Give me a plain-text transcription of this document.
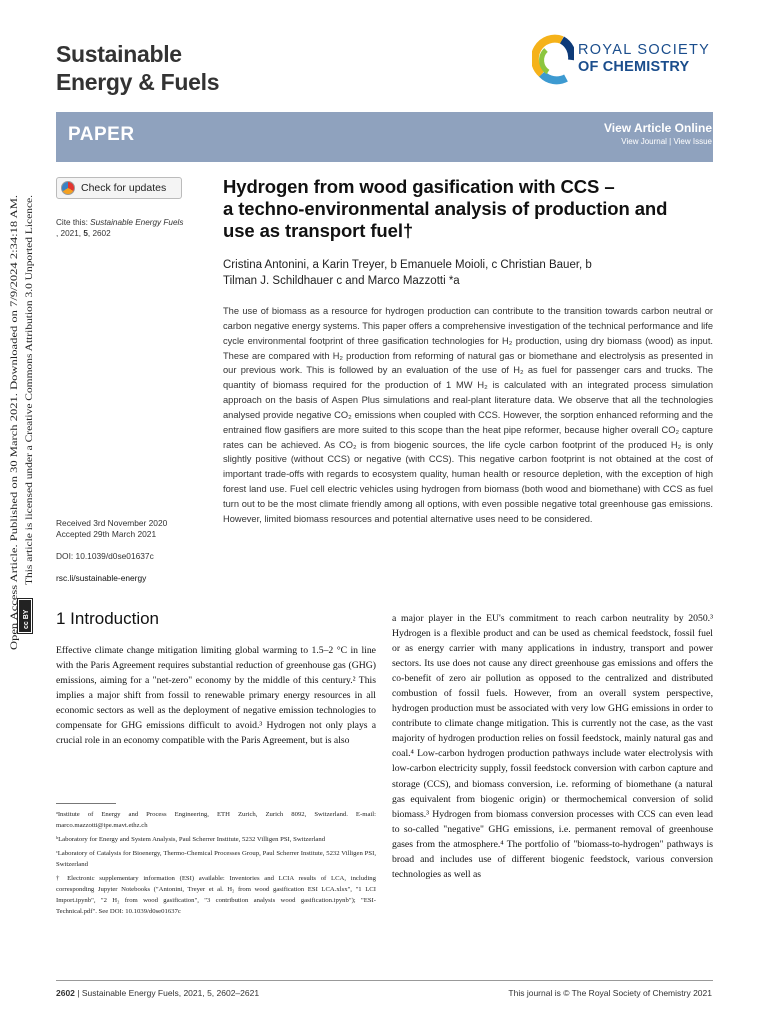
Sustainable
Energy & Fuels
ROYAL SOCIETY
OF CHEMISTRY
PAPER	View Article Online
View Journal | View Issue
Open Access Article. Published on 30 March 2021. Downloaded on 7/9/2024 2:34:18 AM. This article is licensed under a Creative Commons Attribution 3.0 Unported Licence.
cc BY
Check for updates
Cite this: Sustainable Energy Fuels
, 2021, 5, 2602
Hydrogen from wood gasification with CCS –
a techno-environmental analysis of production and
use as transport fuel†
Cristina Antonini, a Karin Treyer, b Emanuele Moioli, c Christian Bauer, b
Tilman J. Schildhauer c and Marco Mazzotti *a
The use of biomass as a resource for hydrogen production can contribute to the transition towards carbon neutral or carbon negative energy systems. This paper offers a comprehensive investigation of the technical performance and life cycle environmental footprint of three gasification technologies for H₂ production, using dry biomass (wood) as input. These are compared with H₂ production from reforming of natural gas or biomethane and electrolysis as presented in our previous work. This is followed by an evaluation of the use of H₂ as fuel for passenger cars and trucks. The quantity of biomass required for the production of 1 MW H₂ is calculated with an integrated process simulation approach on the basis of Aspen Plus simulations and real-plant literature data. We observe that all the technologies analysed provide negative CO₂ emissions when coupled with CCS. However, the sorption enhanced reforming and the entrained flow gasifiers are more suited to this scope than the heat pipe reformer, because higher overall CO₂ capture rates can be achieved. As CO₂ is from biogenic sources, the life cycle carbon footprint of the produced H₂ is only slightly positive (without CCS) or negative (with CCS). This negative carbon footprint is not obtained at the cost of important trade-offs with regards to ecosystem quality, human health or resource depletion, with the exception of high forest land use. Fuel cell electric vehicles using hydrogen from biomass (both wood and biomethane) with CCS as fuel turn out to be the most climate friendly among all options, with even possible negative total greenhouse gas emissions. However, limited biomass resources and potential alternative uses need to be considered.
Received 3rd November 2020
Accepted 29th March 2021
DOI: 10.1039/d0se01637c
rsc.li/sustainable-energy
1 Introduction
Effective climate change mitigation limiting global warming to 1.5–2 °C in line with the Paris Agreement requires substantial reduction of greenhouse gas (GHG) emissions, aiming for a "net-zero" economy by the middle of this century.² This implies a major shift from fossil to renewable primary energy resources in all economic sectors as well as the deployment of negative emission technologies to compensate for GHG emissions difficult to avoid.³ Hydrogen not only plays a crucial role in an economy compatible with the Paris Agreement, but is also
a major player in the EU's commitment to reach carbon neutrality by 2050.³ Hydrogen is a flexible product and can be used as chemical feedstock, fossil fuel or as energy carrier with many applications in industry, transport and power sectors. Its use does not cause any direct greenhouse gas emissions and offers the co-benefit of zero air pollution as opposed to the centralized and distributed combustion of fossil fuels. However, from an overall system perspective, hydrogen production must be associated with very low GHG emissions in order to contribute to climate change mitigation. This is currently not the case, as the vast majority of hydrogen production relies on fossil feedstock, mainly natural gas and coal.⁴ Low-carbon hydrogen production pathways include water electrolysis with low-carbon electricity supply, fossil feedstock conversion with carbon capture and storage (CCS), and biomass conversion, i.e. reforming of biomethane (a natural gas equivalent from biogenic origin) or thermochemical conversion of solid biomass.³ Hydrogen from biomass conversion processes with CCS can even lead to so-called "negative" GHG emissions, i.e. permanent removal of greenhouse gases from the atmosphere.⁴ The portfolio of "biomass-to-hydrogen" pathways is broad and includes use of different biogenic feedstock, various conversion technologies as well as

ᵃInstitute of Energy and Process Engineering, ETH Zurich, Zurich 8092, Switzerland. E-mail: marco.mazzotti@ipe.mavt.ethz.ch

ᵇLaboratory for Energy and System Analysis, Paul Scherrer Institute, 5232 Villigen PSI, Switzerland

ᶜLaboratory of Catalysis for Bioenergy, Thermo-Chemical Processes Group, Paul Scherrer Institute, 5232 Villigen PSI, Switzerland

† Electronic supplementary information (ESI) available: Inventories and LCIA results of LCA, including corresponding Jupyter Notebooks ("Antonini, Treyer et al. H₂ from wood gasification ESI LCA.xlsx", "1 LCI Import.ipynb", "2 H₂ from wood gasification", "3 contribution analysis wood gasification.ipynb"); "ESI-Technical.pdf". See DOI: 10.1039/d0se01637c

2602 | Sustainable Energy Fuels, 2021, 5, 2602–2621	This journal is © The Royal Society of Chemistry 2021
